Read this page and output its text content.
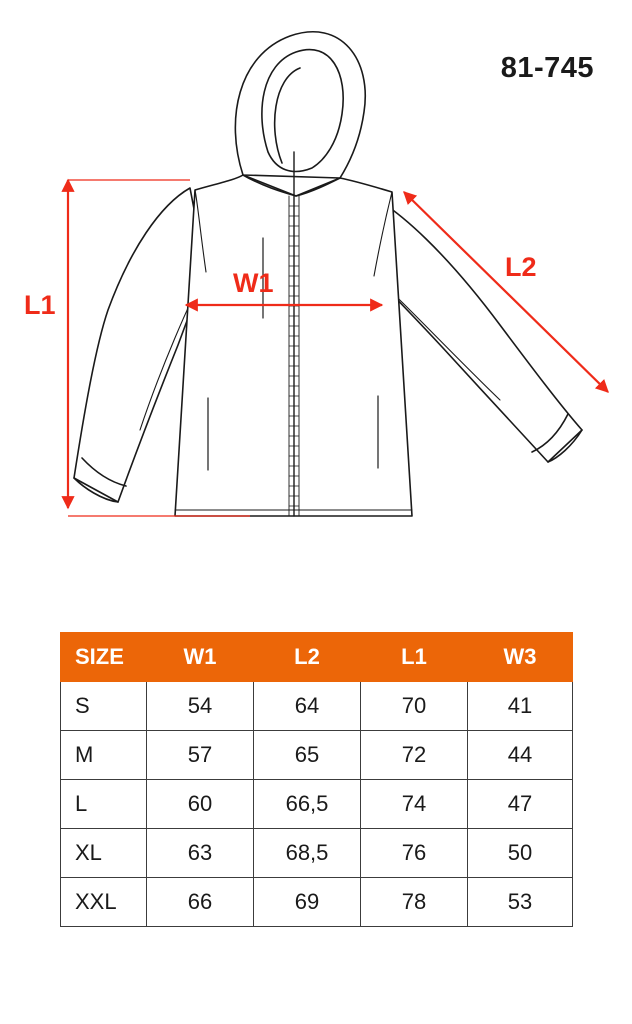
81-745
L1
W1
L2
SIZE	W1	L2	L1	W3
S	54	64	70	41
M	57	65	72	44
L	60	66,5	74	47
XL	63	68,5	76	50
XXL	66	69	78	53
